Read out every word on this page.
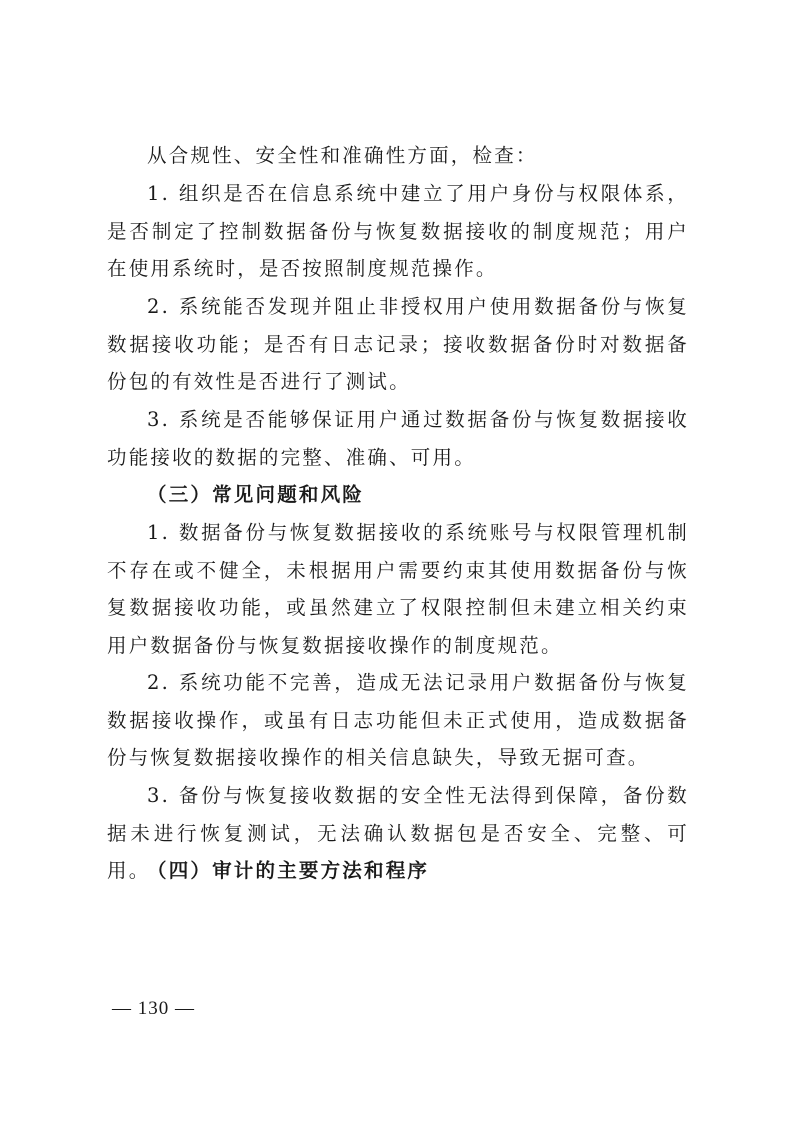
从合规性、安全性和准确性方面，检查：

1. 组织是否在信息系统中建立了用户身份与权限体系，是否制定了控制数据备份与恢复数据接收的制度规范；用户在使用系统时，是否按照制度规范操作。

2. 系统能否发现并阻止非授权用户使用数据备份与恢复数据接收功能；是否有日志记录；接收数据备份时对数据备份包的有效性是否进行了测试。

3. 系统是否能够保证用户通过数据备份与恢复数据接收功能接收的数据的完整、准确、可用。

（三）常见问题和风险

1. 数据备份与恢复数据接收的系统账号与权限管理机制不存在或不健全，未根据用户需要约束其使用数据备份与恢复数据接收功能，或虽然建立了权限控制但未建立相关约束用户数据备份与恢复数据接收操作的制度规范。

2. 系统功能不完善，造成无法记录用户数据备份与恢复数据接收操作，或虽有日志功能但未正式使用，造成数据备份与恢复数据接收操作的相关信息缺失，导致无据可查。

3. 备份与恢复接收数据的安全性无法得到保障，备份数据未进行恢复测试，无法确认数据包是否安全、完整、可用。

（四）审计的主要方法和程序

— 130 —
